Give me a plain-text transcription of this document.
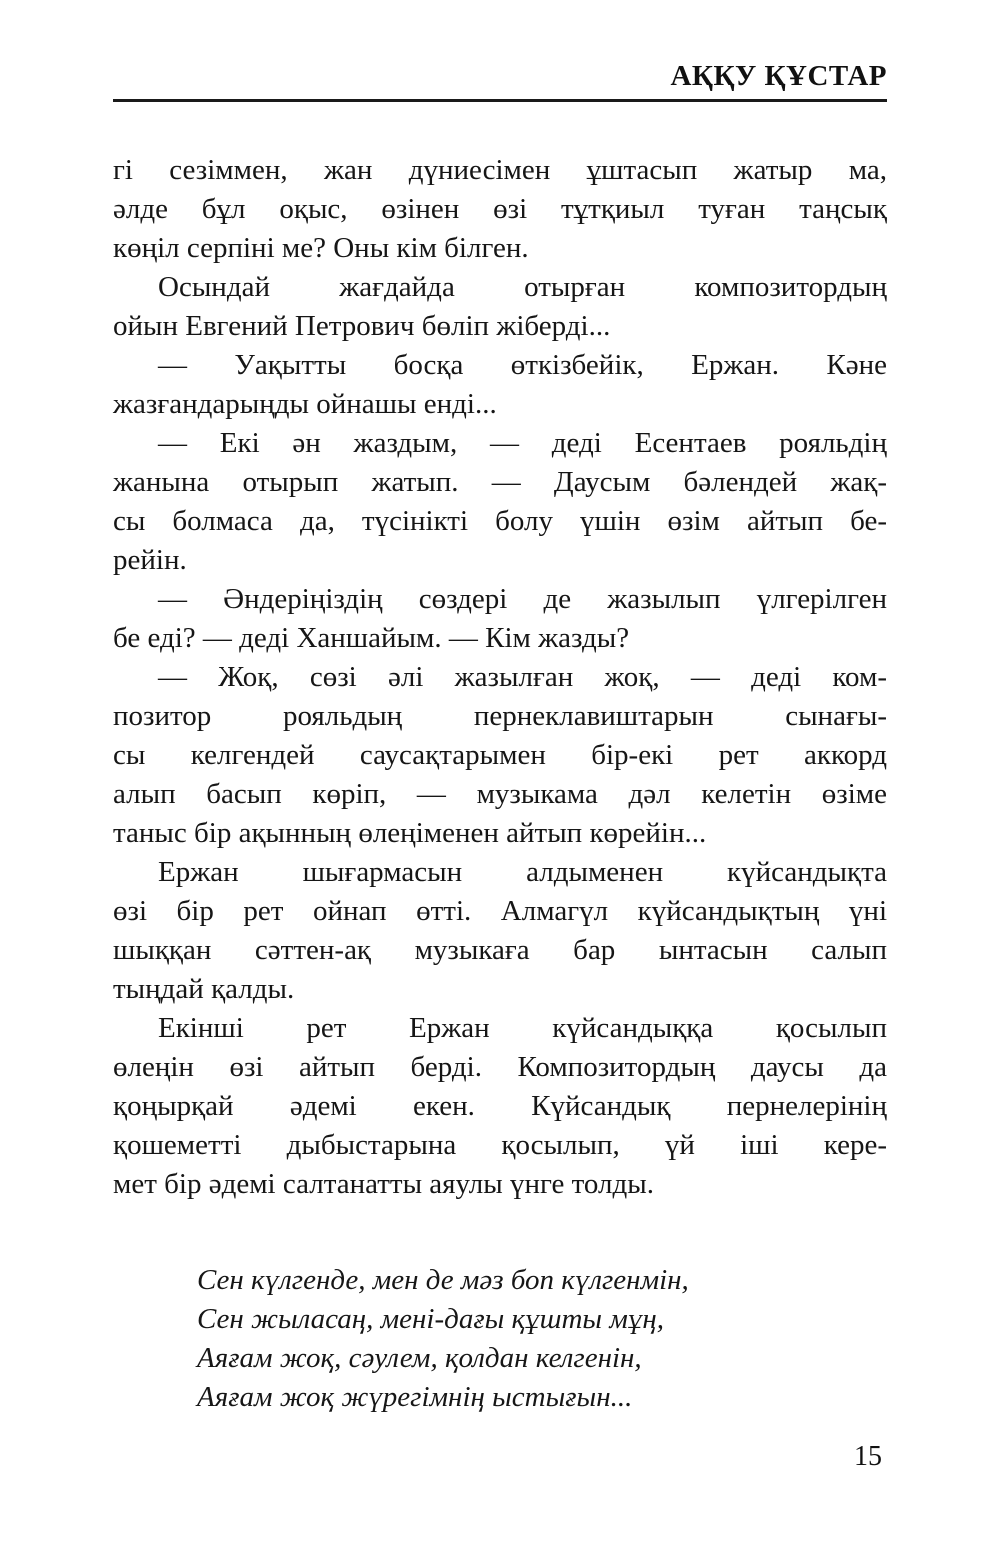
АҚҚУ ҚҰСТАР
гі сезіммен, жан дүниесімен ұштасып жатыр ма,
әлде бұл оқыс, өзінен өзі тұтқиыл туған таңсық
көңіл серпіні ме? Оны кім білген.
Осындай жағдайда отырған композитордың
ойын Евгений Петрович бөліп жіберді...
— Уақытты босқа өткізбейік, Ержан. Кәне
жазғандарыңды ойнашы енді...
— Екі ән жаздым, — деді Есентаев рояльдің
жанына отырып жатып. — Даусым бәлендей жақ-
сы болмаса да, түсінікті болу үшін өзім айтып бе-
рейін.
— Әндеріңіздің сөздері де жазылып үлгерілген
бе еді? — деді Ханшайым. — Кім жазды?
— Жоқ, сөзі әлі жазылған жоқ, — деді ком-
позитор рояльдың пернеклавиштарын сынағы-
сы келгендей саусақтарымен бір-екі рет аккорд
алып басып көріп, — музыкама дәл келетін өзіме
таныс бір ақынның өлеңіменен айтып көрейін...
Ержан шығармасын алдыменен күйсандықта
өзі бір рет ойнап өтті. Алмагүл күйсандықтың үні
шыққан сәттен-ақ музыкаға бар ынтасын салып
тыңдай қалды.
Екінші рет Ержан күйсандыққа қосылып
өлеңін өзі айтып берді. Композитордың даусы да
қоңырқай әдемі екен. Күйсандық пернелерінің
қошеметті дыбыстарына қосылып, үй іші кере-
мет бір әдемі салтанатты аяулы үнге толды.
Сен күлгенде, мен де мәз боп күлгенмін,
Сен жыласаң, мені-дағы құшты мұң,
Аяғам жоқ, сәулем, қолдан келгенін,
Аяғам жоқ жүрегімнің ыстығын...
15
